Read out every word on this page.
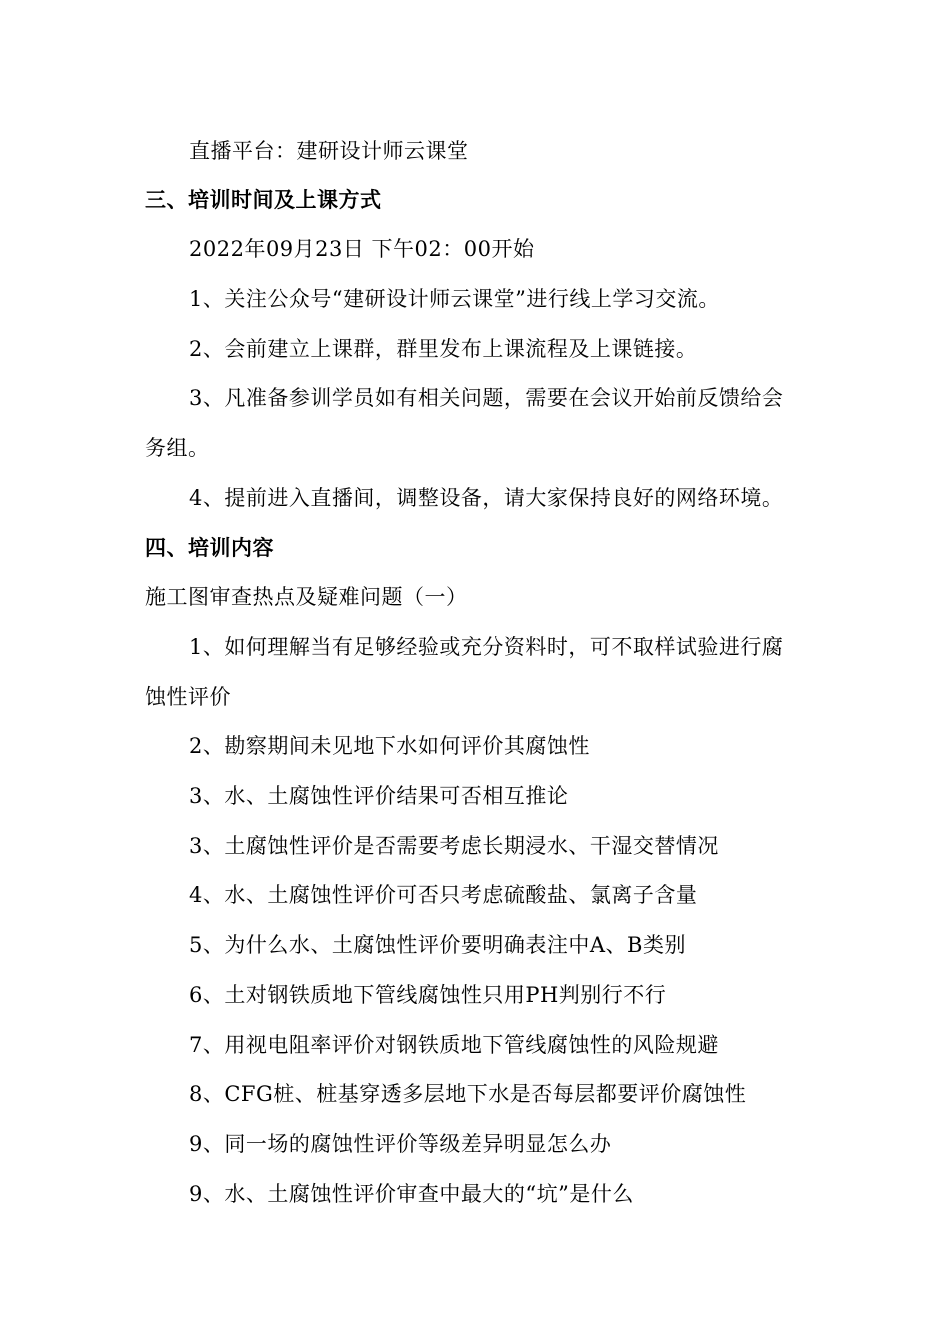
直播平台：建研设计师云课堂
三、培训时间及上课方式
2022年09月23日 下午02：00开始
1、关注公众号“建研设计师云课堂”进行线上学习交流。
2、会前建立上课群，群里发布上课流程及上课链接。
3、凡准备参训学员如有相关问题，需要在会议开始前反馈给会
务组。
4、提前进入直播间，调整设备，请大家保持良好的网络环境。
四、培训内容
施工图审查热点及疑难问题（一）
1、如何理解当有足够经验或充分资料时，可不取样试验进行腐
蚀性评价
2、勘察期间未见地下水如何评价其腐蚀性
3、水、土腐蚀性评价结果可否相互推论
3、土腐蚀性评价是否需要考虑长期浸水、干湿交替情况
4、水、土腐蚀性评价可否只考虑硫酸盐、氯离子含量
5、为什么水、土腐蚀性评价要明确表注中A、B类别
6、土对钢铁质地下管线腐蚀性只用PH判别行不行
7、用视电阻率评价对钢铁质地下管线腐蚀性的风险规避
8、CFG桩、桩基穿透多层地下水是否每层都要评价腐蚀性
9、同一场的腐蚀性评价等级差异明显怎么办
9、水、土腐蚀性评价审查中最大的“坑”是什么
